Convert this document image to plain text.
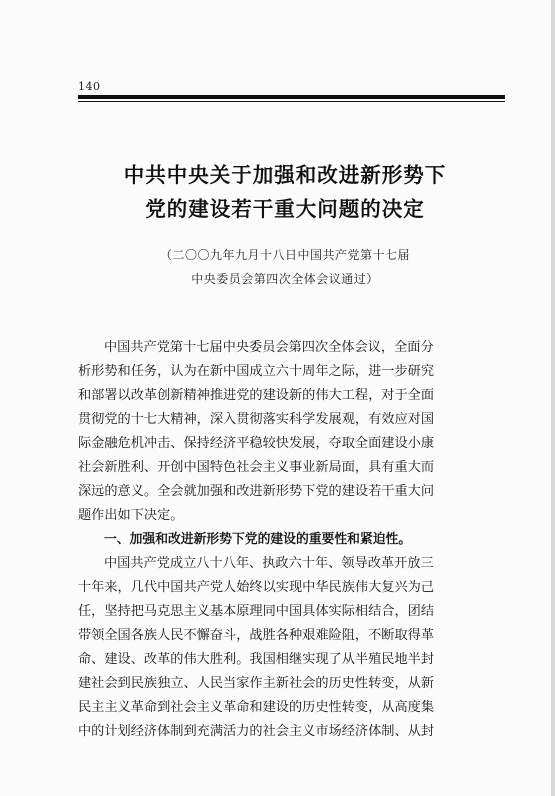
140
中共中央关于加强和改进新形势下
党的建设若干重大问题的决定
（二〇〇九年九月十八日中国共产党第十七届
中央委员会第四次全体会议通过）
中国共产党第十七届中央委员会第四次全体会议，全面分
析形势和任务，认为在新中国成立六十周年之际，进一步研究
和部署以改革创新精神推进党的建设新的伟大工程，对于全面
贯彻党的十七大精神，深入贯彻落实科学发展观，有效应对国
际金融危机冲击、保持经济平稳较快发展，夺取全面建设小康
社会新胜利、开创中国特色社会主义事业新局面，具有重大而
深远的意义。全会就加强和改进新形势下党的建设若干重大问
题作出如下决定。
一、加强和改进新形势下党的建设的重要性和紧迫性。
中国共产党成立八十八年、执政六十年、领导改革开放三
十年来，几代中国共产党人始终以实现中华民族伟大复兴为己
任，坚持把马克思主义基本原理同中国具体实际相结合，团结
带领全国各族人民不懈奋斗，战胜各种艰难险阻，不断取得革
命、建设、改革的伟大胜利。我国相继实现了从半殖民地半封
建社会到民族独立、人民当家作主新社会的历史性转变，从新
民主主义革命到社会主义革命和建设的历史性转变，从高度集
中的计划经济体制到充满活力的社会主义市场经济体制、从封
